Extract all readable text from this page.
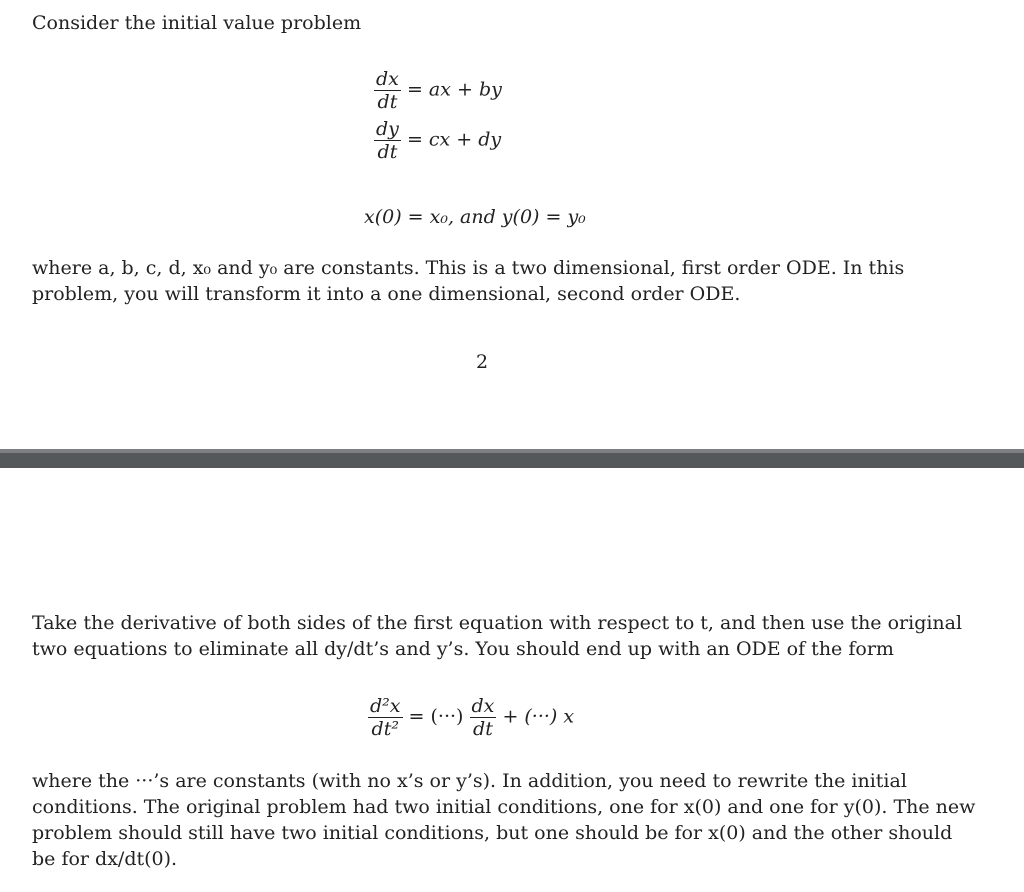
Consider the initial value problem
$\frac{dx}{dt}$ = ax + by
$\frac{dy}{dt}$ = cx + dy
x(0) = x₀, and y(0) = y₀
where a, b, c, d, x₀ and y₀ are constants. This is a two dimensional, first order ODE. In this
problem, you will transform it into a one dimensional, second order ODE.
2
Take the derivative of both sides of the first equation with respect to t, and then use the original
two equations to eliminate all dy/dt’s and y’s. You should end up with an ODE of the form
$\frac{\text{d²x}}{\text{dt²}}$ = (···) $\frac{dx}{dt}$ + (···) x
where the ···’s are constants (with no x’s or y’s). In addition, you need to rewrite the initial
conditions. The original problem had two initial conditions, one for x(0) and one for y(0). The new
problem should still have two initial conditions, but one should be for x(0) and the other should
be for dx/dt(0).
